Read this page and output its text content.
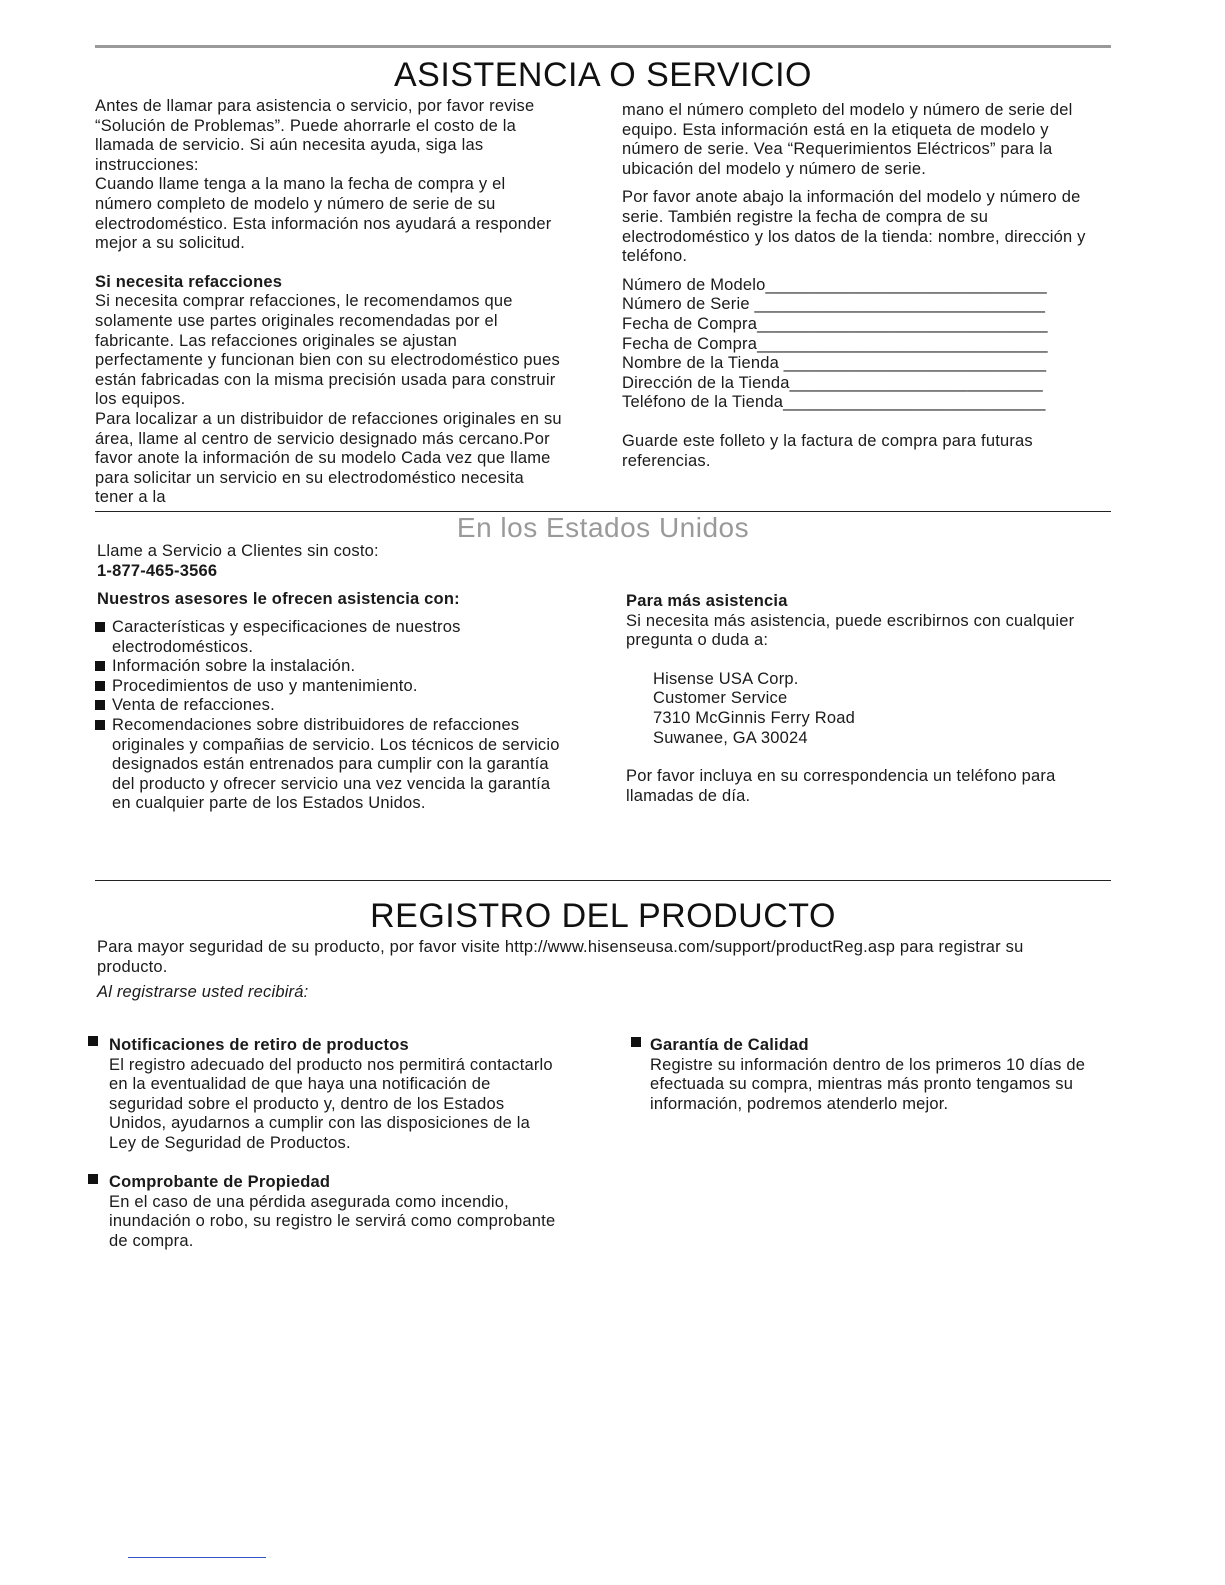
ASISTENCIA O SERVICIO

Antes de llamar para asistencia o servicio, por favor revise “Solución de Problemas”. Puede ahorrarle el costo de la llamada de servicio. Si aún necesita ayuda, siga las instrucciones:

Cuando llame tenga a la mano la fecha de compra y el número completo de modelo y número de serie de su electrodoméstico. Esta información nos ayudará a responder mejor a su solicitud.

Si necesita refacciones

Si necesita comprar refacciones, le recomendamos que solamente use partes originales recomendadas por el fabricante. Las refacciones originales se ajustan perfectamente y funcionan bien con su electrodoméstico pues están fabricadas con la misma precisión usada para construir los equipos.

Para localizar a un distribuidor de refacciones originales en su área, llame al centro de servicio designado más cercano.Por favor anote la información de su modelo Cada vez que llame para solicitar un servicio en su electrodoméstico necesita tener a la

mano el número completo del modelo y número de serie del equipo. Esta información está en la etiqueta de modelo y número de serie. Vea “Requerimientos Eléctricos” para la ubicación del modelo y número de serie.

Por favor anote abajo la información del modelo y número de serie. También registre la fecha de compra de su electrodoméstico y los datos de la tienda: nombre, dirección y teléfono.

Número de Modelo______________________________
Número de Serie _______________________________
Fecha de Compra_______________________________
Fecha de Compra_______________________________
Nombre de la Tienda ____________________________
Dirección de la Tienda___________________________
Teléfono de la Tienda____________________________

Guarde este folleto y la factura de compra para futuras referencias.

En los Estados Unidos

Llame a Servicio a Clientes sin costo:

1-877-465-3566

Nuestros asesores le ofrecen asistencia con:

Características y especificaciones de nuestros electrodomésticos.
Información sobre la instalación.
Procedimientos de uso y mantenimiento.
Venta de refacciones.
Recomendaciones sobre distribuidores de refacciones originales y compañias de servicio. Los técnicos de servicio designados están entrenados para cumplir con la garantía del producto y ofrecer servicio una vez vencida la garantía en cualquier parte de los Estados Unidos.

Para más asistencia

Si necesita más asistencia, puede escribirnos con cualquier pregunta o duda a:

Hisense USA Corp.
Customer Service
7310 McGinnis Ferry Road
Suwanee, GA 30024

Por favor incluya en su correspondencia un teléfono para llamadas de día.

REGISTRO DEL PRODUCTO

Para mayor seguridad de su producto, por favor visite http://www.hisenseusa.com/support/productReg.asp para registrar su producto.

Al registrarse usted recibirá:

Notificaciones de retiro de productos

El registro adecuado del producto nos permitirá contactarlo en la eventualidad de que haya una notificación de seguridad sobre el producto y, dentro de los Estados Unidos, ayudarnos a cumplir con las disposiciones de la Ley de Seguridad de Productos.

Comprobante de Propiedad

En el caso de una pérdida asegurada como incendio, inundación o robo, su registro le servirá como comprobante de compra.

Garantía de Calidad

Registre su información dentro de los primeros 10 días de efectuada su compra, mientras más pronto tengamos su información, podremos atenderlo mejor.
